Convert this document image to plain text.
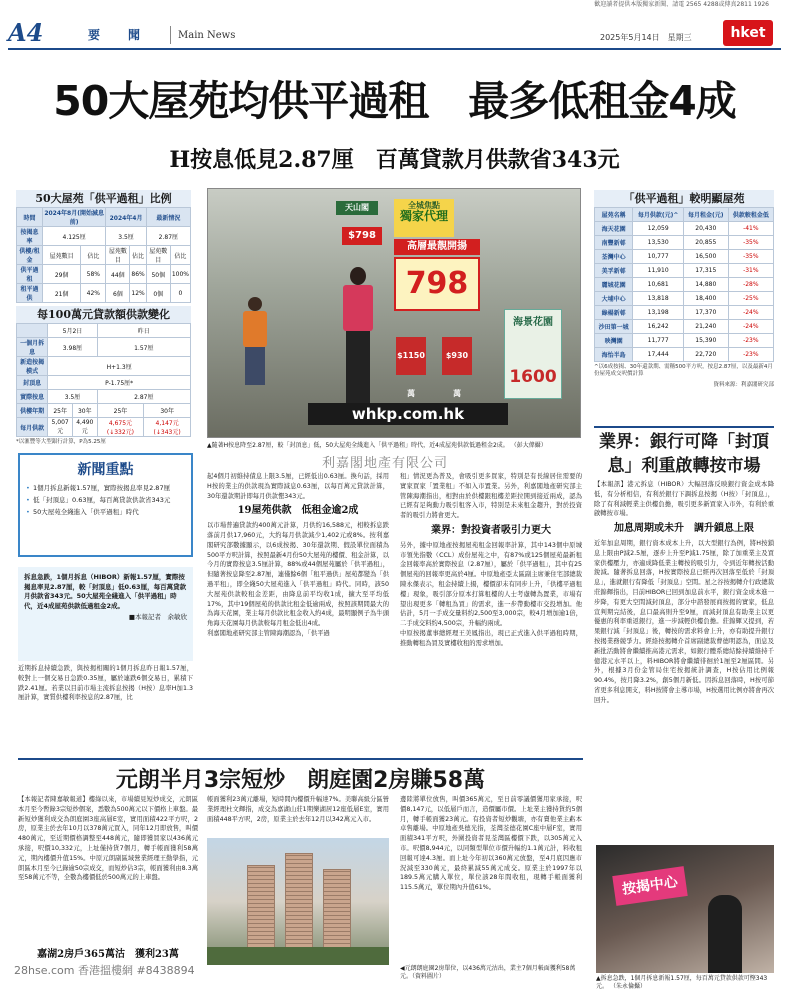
歡迎讀者提供本版獨家新聞、請電 2565 4288或傳真2811 1926
A4	要聞 Main News	2025年5月14日　星期三	hket
50大屋苑均供平過租　最多低租金4成
H按息低見2.87厘　百萬貸款月供款省343元
50大屋苑「供平過租」比例
時間	2024年8月(開始減息前)		2024年4月		最新情況	
按揭息率	4.125厘		3.5厘		2.87厘	
供樓/租金	屋苑數目	佔比	屋苑數目	佔比	屋苑數目	佔比
供平過租	29個	58%	44個	86%	50個	100%
租平過供	21個	42%	6個	12%	0個	0
每100萬元貸款額供款變化
	5月2日		昨日	
一個月拆息	3.98厘		1.57厘	
新造按揭模式	H+1.3厘			
封頂息	P-1.75厘*			
實際按息	3.5厘		2.87厘	
供樓年期	25年	30年	25年	30年
每月供款	5,007元	4,490元	4,675元 (↓332元)	4,147元 (↓343元)
*以滙豐等大型銀行計算，P為5.25厘
天山閣	全城焦點
獨家代理
高層最靚開揚
798
$798
$1150萬
$930萬
海景花園
1600
whkp.com.hk
▲隨著H按息降至2.87厘，較「封頂息」低，50大屋苑全綫進入「供平過租」時代，近4成屋苑供款低過租金2成。 （彭大偉攝）
利嘉閣地產有限公司
「供平過租」較明顯屋苑
屋苑名稱	每月供款(元)^	每月租金(元)	供款較租金低
海天花園	12,059	20,430	-41%
南豐新邨	13,530	20,855	-35%
荃灣中心	10,777	16,500	-35%
美孚新邨	11,910	17,315	-31%
麗城花園	10,681	14,880	-28%
大埔中心	13,818	18,400	-25%
綠楊新邨	13,198	17,370	-24%
沙田第一城	16,242	21,240	-24%
映灣園	11,777	15,390	-23%
海怡半島	17,444	22,720	-23%
^以6成按揭、30年還款期、需稱500平方呎，按息2.87厘，以及最新4月份屋苑成交呎價計算
資料來源：利嘉閣研究部
新聞重點
• 1個月拆息新報1.57厘，實際按揭息率見2.87厘
• 低「封頂息」0.63厘，每百萬貸款供款省343元
• 50大屋苑全綫進入「供平過租」時代
拆息急跌，1個月拆息（HIBOR）新報1.57厘，實際按揭息率見2.87厘，較「封頂息」低0.63厘，每百萬貸款月供款省343元。50大屋苑全綫進入「供平過租」時代，近4成屋苑供款低過租金2成。
■本報記者　余敏欣
近期拆息持續急跌，與按揭相關的1個月拆息昨日報1.57厘，較對上一個交易日急跌0.35厘，屬於連跌6個交易日，累積下跌2.41厘。若業以目前市場主流拆息按揭（H按）息率H加1.3厘計算，實質供樓利率按息的2.87厘，比

起4個月初維持債息上限3.5厘，已經低出0.63厘。換句話，採用H按的業主的供款現為實際減息0.63厘，以每百萬元貸款計算，30年還款期計即每月供款慳343元。

19屋苑供款　低租金逾2成

以市場普遍貸款約400萬元計算，月供約16,588元，相較拆息跌落前月供17,960元，大約每月供款減少1,402元或8%。按利嘉閣研究部數據顯示，以6成按揭、30年還款期、假設單位面積為500平方呎計算，按照最新4月份50大屋苑的樓價、租金計算，以今月的實際按息3.5厘計算，88%或44個屋苑屬於「供平過租」，但隨著按息降至2.87厘，連僅餘6個「租平過供」屋苑都變為「供過平租」，即全綫50大屋苑進入「供平過租」時代。同時，該50大屋苑供款較租金差距，由降息前平均收1成，擴大至平均低17%，其中19個屋苑的供款比租金低逾兩成，按照該期間最大的為海天花園，業主每月供款比租金收入約4成，最明顯例子為牛頭角海天花園每月供款較每月租金低出4成。

利嘉閣地產研究部主管陳海潮認為，「供平過

租」情況更為普及，會吸引更多買家，特別是有長線居住需要的實家買家「置業租」不如入市置業。另外，利嘉閣地產研究部主管陳海潮指出，相對由於供樓跟租樓差距拉開到接近兩成，認為已經有足夠動力吸引租客入市，特別是未來租金趨升，對於投資者的吸引力將會更大。

業界：對投資者吸引力更大

另外，據中原地產按揭屋苑租金回報率計算，其中143個中原城市領先指數（CCL）成份屋苑之中，有87%或125個屋苑最新租金回報率高於實際按息（2.87厘），屬於「供平過租」，其中有25個屋苑的回報率更高於4厘。中原地產亞太區副主席兼住宅部總裁陳永傑表示，租金持續上揚，樓價卻未有同步上升，「供樓平過租樓」現象，吸引部分原本打算租樓的人士考慮轉為置業，市場有望出現更多「轉租為買」的需求，進一步帶動樓市交投增加。他估計，5月一手成交量料約2,500至3,000宗，較4月增加逾1倍，二手成交料約4,500宗，升幅約兩成。

中原按揭董事總經理王美鳳指出，現已正式進入供平過租時期，推動轉租為買及實樓收租的需求增加。

業界：銀行可降「封頂息」利重啟轉按市場

【本報訊】港元拆息（HIBOR）大幅回落反映銀行資金成本降低，有分析相信，有利於銀行下調拆息按揭（H按）「封頂息」，除了有利減輕業主供樓負擔，吸引更多新買家入市外，有利於重啟轉按市場。

加息周期或未升　調升鎖息上限

近年加息周期，銀行資本成本上升，以大型銀行為例，將H按鎖息上限由P減2.5厘，逐步上升至P減1.75厘，除了加重業主及買家供樓壓力，亦適成降低業主轉按的吸引力，令到近年轉按活動銳減。隨著拆息回落，H按實際按息已經再次回落至低於「封頂息」，進就銀行有降低「封頂息」空間。星之谷按揭轉介行政總裁莊錦輝指出，目前HIBOR已回到加息前水平，銀行資金成本進一步降，有更大空間減封頂息，部分中諮發展商按揭的實家，低息宣判期完結後，息口最高則升至9厘，而減封頂息有助業主以更優惠的利率重返銀行，進一步減輕供樓負擔。莊錦輝又提到，若果銀行減「封頂息」後，轉按的需求料會上升，亦有助提升銀行按揭業務競爭力。經絡按揭轉介首席副總裁曹德明認為，面息及新批活動將會繼續推高港元需求，如銀行體系總結餘持續維持千億港元水平以上，料HIBOR將會繼續徘徊於1厘至2厘區間。另外，根據3月份金管局住宅按揭統計調查，H按佔用比例報90.4%，按月降3.2%，創5個月新低。因拆息回落時，H按可節省更多利息開支，料H按將會主導市場，H按選用比例亦將會再次回升。

元朗半月3宗短炒　朗庭園2房賺58萬
【本報記者陳嘉敏報道】樓綠以來，市場續見短炒成交，元朗區本月至今暫錄3宗短炒個案，悉數為500萬元以下價格上車盤。最新短炒獲利成交為朗庭園3座高層E室，實用面積422平方呎，2房，原業主於去年10月以378萬元買入，同年12月即放售，叫價480萬元，至近期價格調整至448萬元，隨即獲買家以436萬元承接，呎價10,332元，上址僅持貨7個月，轉手帳面獲利58萬元，期內樓價升值15%。中原元朗副區域營業經理王勤學指，元朗區本月至今已錄逾50宗成交，而短炒佔3宗，帳面獲利由8.3萬至58萬元不等，全數為樓價低於500萬元的上車盤。
嘉湖2房戶365萬沽　獲利23萬
帳面獲利23萬元離場，短時間內樓價升幅達7%。美聯高級分區營業經理杜文輝指，成交為嘉湖山莊1期樂湖居12座低層E室，實用面積448平方呎，2房，原業主於去年12月以342萬元入市。
邊陸將單位放售，叫價365萬元，至日前零議價獲用家承接，呎價8,147元，以低層戶而言，造價屬市價。上址業主獲持貨約5個月，轉手帳面獲23萬元。有投資者短炒觀塘，亦有賣他業主虧本卓售離場。中原地產吳德光指，荃灣荃德花園C座中層F室，實用面積341平方呎，外圍投資者見荃灣區樓價下跌，以305萬元入市。呎價8,944元，以同類型單位市價升幅約1.1萬元計，料收租回報可達4.3厘。而上址今年初以360萬元放盤，至4月底因應市況減至330萬元，最終累減55萬元成交。原業主於1997年以189.5萬元購入單位，單位該28年間收租，現轉手帳面獲利115.5萬元，單位期內升值61%。
◀元朗朗庭園2房單位，以436萬元沽出，業主7個月帳面獲利58萬元。（資料圖片）
按揭中心
▲拆息急跌，1個月拆息新報1.57厘，每百萬元貸款供款可慳343元。 （朱永倫攝）
28hse.com 香港搵樓網 #8438894
